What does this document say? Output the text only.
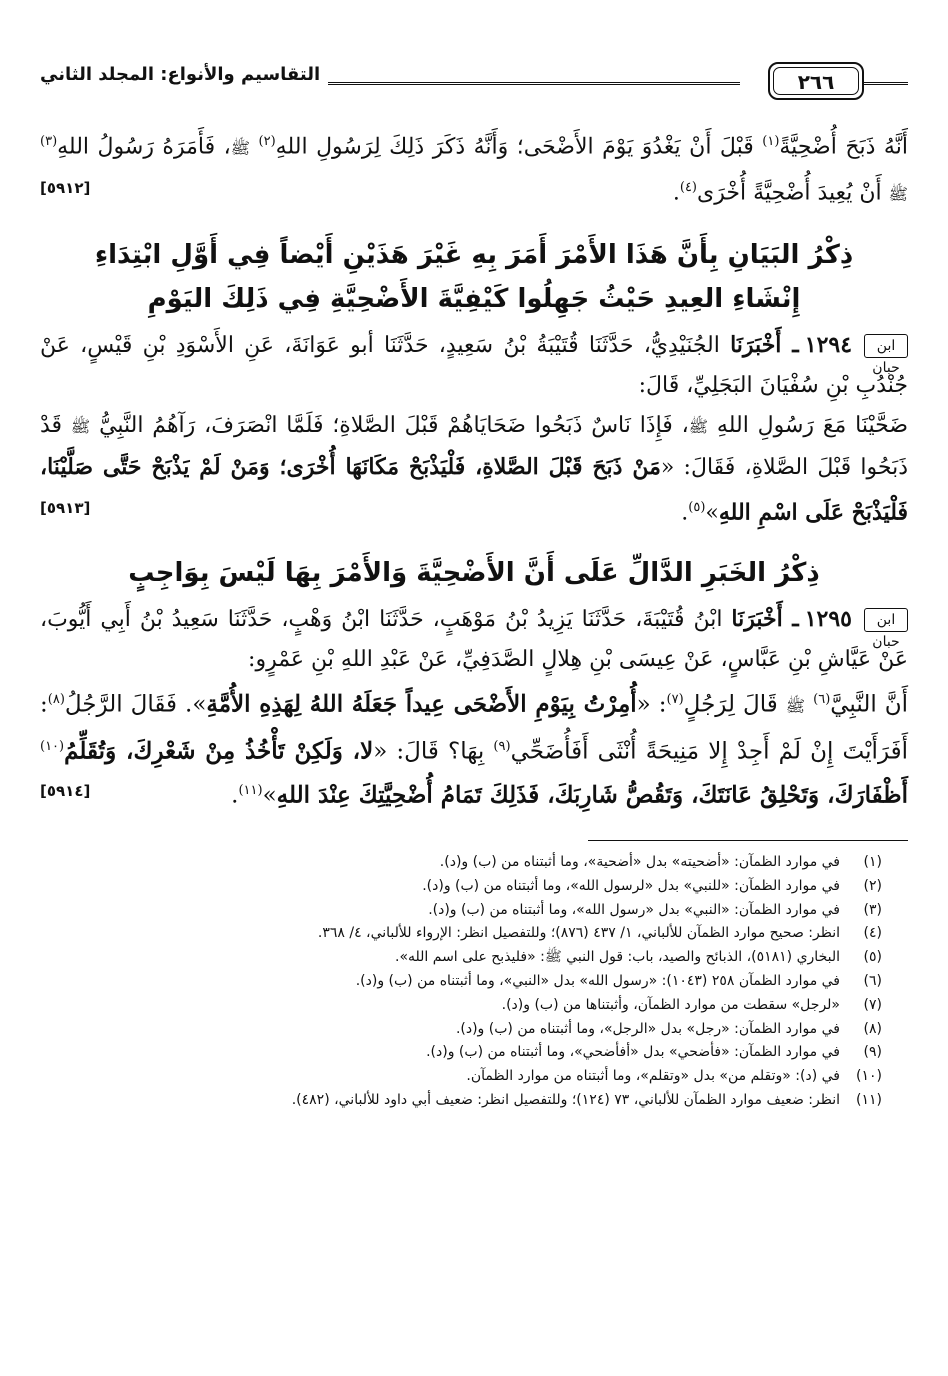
٢٦٦
التقاسيم والأنواع: المجلد الثاني

أَنَّهُ ذَبَحَ أُضْحِيَّةً$^{(١)}$ قَبْلَ أَنْ يَغْدُوَ يَوْمَ الأَضْحَى؛ وَأَنَّهُ ذَكَرَ ذَلِكَ لِرَسُولِ اللهِ$^{(٢)}$ ﷺ، فَأَمَرَهُ رَسُولُ اللهِ$^{(٣)}$ ﷺ أَنْ يُعِيدَ أُضْحِيَّةً أُخْرَى$^{(٤)}$.
[٥٩١٢]

ذِكْرُ البَيَانِ بِأَنَّ هَذَا الأَمْرَ أَمَرَ بِهِ غَيْرَ هَذَيْنِ أَيْضاً فِي أَوَّلِ ابْتِدَاءِ
إِنْشَاءِ العِيدِ حَيْثُ جَهِلُوا كَيْفِيَّةَ الأَضْحِيَّةِ فِي ذَلِكَ اليَوْمِ

ابن حبان١٢٩٤ـ أَخْبَرَنَا الجُنَيْدِيُّ، حَدَّثَنَا قُتَيْبَةُ بْنُ سَعِيدٍ، حَدَّثَنَا أبو عَوَانَةَ، عَنِ الأَسْوَدِ بْنِ قَيْسٍ، عَنْ جُنْدُبِ بْنِ سُفْيَانَ البَجَلِيِّ، قَالَ:

ضَحَّيْنَا مَعَ رَسُولِ اللهِ ﷺ، فَإِذَا نَاسٌ ذَبَحُوا ضَحَايَاهُمْ قَبْلَ الصَّلاةِ؛ فَلَمَّا انْصَرَفَ، رَآهُمُ النَّبِيُّ ﷺ قَدْ ذَبَحُوا قَبْلَ الصَّلاةِ، فَقَالَ: «مَنْ ذَبَحَ قَبْلَ الصَّلاةِ، فَلْيَذْبَحْ مَكَانَهَا أُخْرَى؛ وَمَنْ لَمْ يَذْبَحْ حَتَّى صَلَّيْنَا، فَلْيَذْبَحْ عَلَى اسْمِ اللهِ»$^{(٥)}$.
[٥٩١٣]

ذِكْرُ الخَبَرِ الدَّالِّ عَلَى أَنَّ الأَضْحِيَّةَ وَالأَمْرَ بِهَا لَيْسَ بِوَاجِبٍ

ابن حبان١٢٩٥ـ أَخْبَرَنَا ابْنُ قُتَيْبَةَ، حَدَّثَنَا يَزِيدُ بْنُ مَوْهَبٍ، حَدَّثَنَا ابْنُ وَهْبٍ، حَدَّثَنَا سَعِيدُ بْنُ أَبِي أَيُّوبَ، عَنْ عَيَّاشِ بْنِ عَبَّاسٍ، عَنْ عِيسَى بْنِ هِلالٍ الصَّدَفِيِّ، عَنْ عَبْدِ اللهِ بْنِ عَمْرٍو:

أَنَّ النَّبِيَّ$^{(٦)}$ ﷺ قَالَ لِرَجُلٍ$^{(٧)}$: «أُمِرْتُ بِيَوْمِ الأَضْحَى عِيداً جَعَلَهُ اللهُ لِهَذِهِ الأُمَّةِ». فَقَالَ الرَّجُلُ$^{(٨)}$: أَفَرَأَيْتَ إِنْ لَمْ أَجِدْ إِلا مَنِيحَةً أُنْثَى أَفَأُضَحِّي$^{(٩)}$ بِهَا؟ قَالَ: «لا، وَلَكِنْ تَأْخُذُ مِنْ شَعْرِكَ، وَتُقَلِّمُ$^{(١٠)}$ أَظْفَارَكَ، وَتَحْلِقُ عَانَتَكَ، وَتَقُصُّ شَارِبَكَ، فَذَلِكَ تَمَامُ أُضْحِيَّتِكَ عِنْدَ اللهِ»$^{(١١)}$.
[٥٩١٤]

(١)في موارد الظمآن: «أضحيته» بدل «أضحية»، وما أثبتناه من (ب) و(د).

(٢)في موارد الظمآن: «للنبي» بدل «لرسول الله»، وما أثبتناه من (ب) و(د).

(٣)في موارد الظمآن: «النبي» بدل «رسول الله»، وما أثبتناه من (ب) و(د).

(٤)انظر: صحيح موارد الظمآن للألباني، ١/ ٤٣٧ (٨٧٦)؛ وللتفصيل انظر: الإرواء للألباني، ٤/ ٣٦٨.

(٥)البخاري (٥١٨١)، الذبائح والصيد، باب: قول النبي ﷺ: «فليذبح على اسم الله».

(٦)في موارد الظمآن ٢٥٨ (١٠٤٣): «رسول الله» بدل «النبي»، وما أثبتناه من (ب) و(د).

(٧)«لرجل» سقطت من موارد الظمآن، وأثبتناها من (ب) و(د).

(٨)في موارد الظمآن: «رجل» بدل «الرجل»، وما أثبتناه من (ب) و(د).

(٩)في موارد الظمآن: «فأضحي» بدل «أفأضحي»، وما أثبتناه من (ب) و(د).

(١٠)في (د): «وتقلم من» بدل «وتقلم»، وما أثبتناه من موارد الظمآن.

(١١)انظر: ضعيف موارد الظمآن للألباني، ٧٣ (١٢٤)؛ وللتفصيل انظر: ضعيف أبي داود للألباني، (٤٨٢).
